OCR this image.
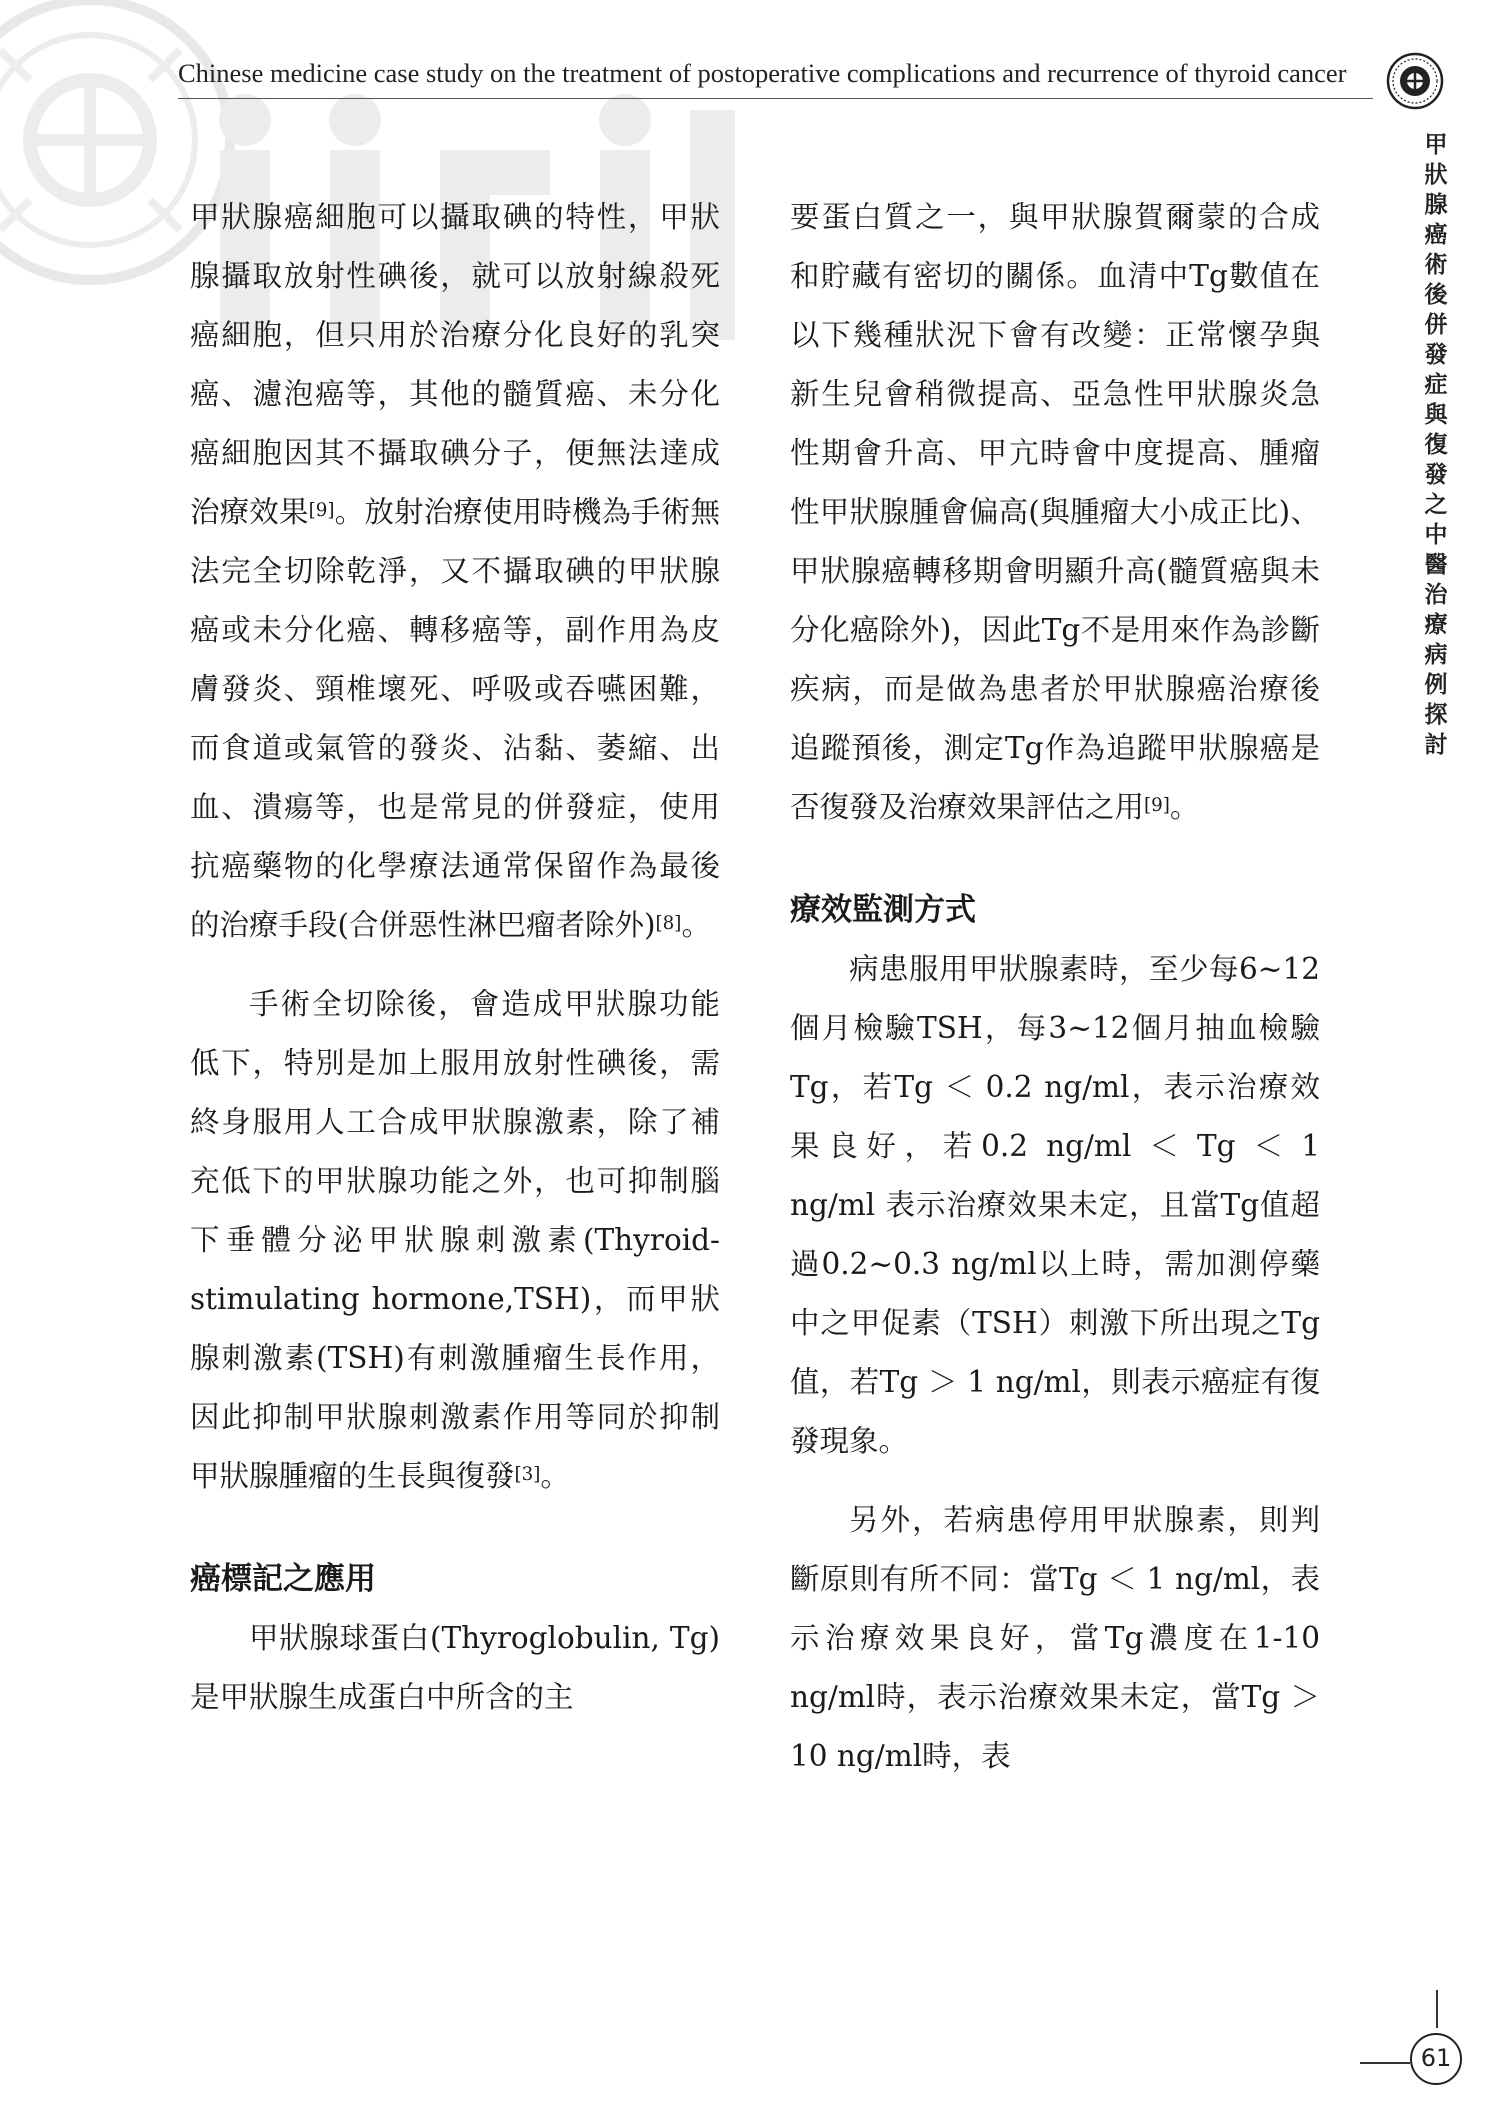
Chinese medicine case study on the treatment of postoperative complications and recurrence of thyroid cancer
甲狀腺癌術後併發症與復發之中醫治療病例探討

甲狀腺癌細胞可以攝取碘的特性，甲狀腺攝取放射性碘後，就可以放射線殺死癌細胞，但只用於治療分化良好的乳突癌、濾泡癌等，其他的髓質癌、未分化癌細胞因其不攝取碘分子，便無法達成治療效果[9]。放射治療使用時機為手術無法完全切除乾淨，又不攝取碘的甲狀腺癌或未分化癌、轉移癌等，副作用為皮膚發炎、頸椎壞死、呼吸或吞嚥困難，而食道或氣管的發炎、沾黏、萎縮、出血、潰瘍等，也是常見的併發症，使用抗癌藥物的化學療法通常保留作為最後的治療手段(合併惡性淋巴瘤者除外)[8]。

手術全切除後，會造成甲狀腺功能低下，特別是加上服用放射性碘後，需終身服用人工合成甲狀腺激素，除了補充低下的甲狀腺功能之外，也可抑制腦下垂體分泌甲狀腺刺激素(Thyroid-stimulating hormone,TSH)，而甲狀腺刺激素(TSH)有刺激腫瘤生長作用，因此抑制甲狀腺刺激素作用等同於抑制甲狀腺腫瘤的生長與復發[3]。

癌標記之應用

甲狀腺球蛋白(Thyroglobulin, Tg)是甲狀腺生成蛋白中所含的主

要蛋白質之一，與甲狀腺賀爾蒙的合成和貯藏有密切的關係。血清中Tg數值在以下幾種狀況下會有改變：正常懷孕與新生兒會稍微提高、亞急性甲狀腺炎急性期會升高、甲亢時會中度提高、腫瘤性甲狀腺腫會偏高(與腫瘤大小成正比)、甲狀腺癌轉移期會明顯升高(髓質癌與未分化癌除外)，因此Tg不是用來作為診斷疾病，而是做為患者於甲狀腺癌治療後追蹤預後，測定Tg作為追蹤甲狀腺癌是否復發及治療效果評估之用[9]。

療效監測方式

病患服用甲狀腺素時，至少每6~12個月檢驗TSH，每3~12個月抽血檢驗Tg，若Tg ＜ 0.2 ng/ml，表示治療效果良好，若0.2 ng/ml ＜ Tg ＜ 1 ng/ml 表示治療效果未定，且當Tg值超過0.2~0.3 ng/ml以上時，需加測停藥中之甲促素（TSH）刺激下所出現之Tg值，若Tg ＞ 1 ng/ml，則表示癌症有復發現象。

另外，若病患停用甲狀腺素，則判斷原則有所不同：當Tg ＜ 1 ng/ml，表示治療效果良好，當Tg濃度在1-10 ng/ml時，表示治療效果未定，當Tg ＞ 10 ng/ml時，表

61
